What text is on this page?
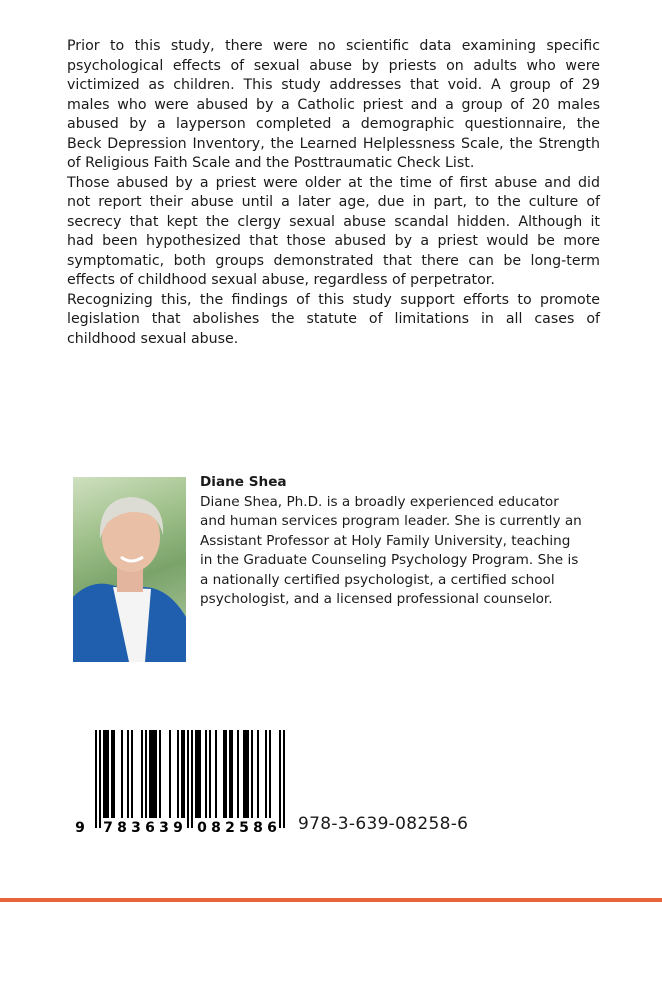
Prior to this study, there were no scientific data examining specific
psychological effects of sexual abuse by priests on adults who were
victimized as children. This study addresses that void. A group of 29
males who were abused by a Catholic priest and a group of 20 males
abused by a layperson completed a demographic questionnaire, the
Beck Depression Inventory, the Learned Helplessness Scale, the Strength
of Religious Faith Scale and the Posttraumatic Check List.
Those abused by a priest were older at the time of first abuse and did
not report their abuse until a later age, due in part, to the culture of
secrecy that kept the clergy sexual abuse scandal hidden. Although it
had been hypothesized that those abused by a priest would be more
symptomatic, both groups demonstrated that there can be long-term
effects of childhood sexual abuse, regardless of perpetrator.
Recognizing this, the findings of this study support efforts to promote
legislation that abolishes the statute of limitations in all cases of
childhood sexual abuse.
Diane Shea
Diane Shea, Ph.D. is a broadly experienced educator
and human services program leader. She is currently an
Assistant Professor at Holy Family University, teaching
in the Graduate Counseling Psychology Program. She is
a nationally certified psychologist, a certified school
psychologist, and a licensed professional counselor.
9 7 8 3 6 3 9 0 8 2 5 8 6 978-3-639-08258-6
